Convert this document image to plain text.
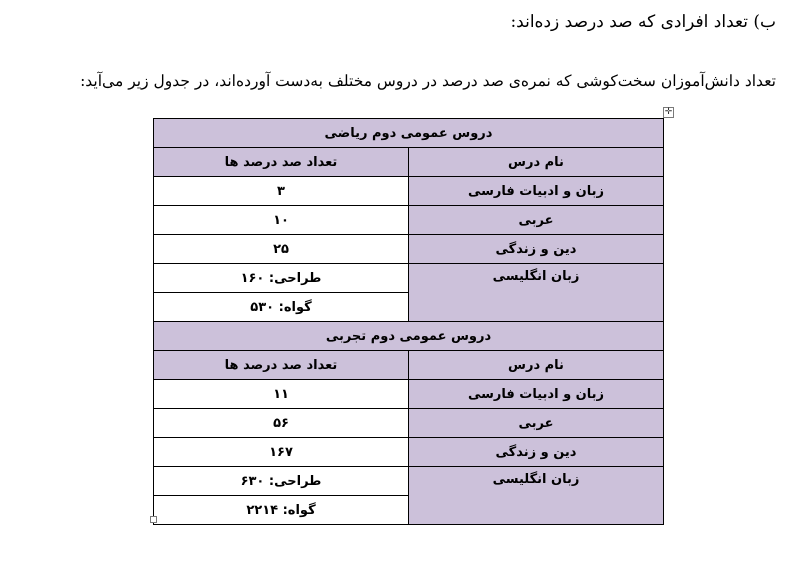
ب) تعداد افرادی که صد درصد زده‌اند:
تعداد دانش‌آموزان سخت‌کوشی که نمره‌ی صد درصد در دروس مختلف به‌دست آورده‌اند، در جدول زیر می‌آید:
✛
دروس عمومی دوم ریاضی	
نام درس	تعداد صد درصد ها
زبان و ادبیات فارسی	۳
عربی	۱۰
دین و زندگی	۲۵
زبان انگلیسی	طراحی: ۱۶۰
	گواه: ۵۳۰
دروس عمومی دوم تجربی	
نام درس	تعداد صد درصد ها
زبان و ادبیات فارسی	۱۱
عربی	۵۶
دین و زندگی	۱۶۷
زبان انگلیسی	طراحی: ۶۳۰
	گواه: ۲۲۱۴
